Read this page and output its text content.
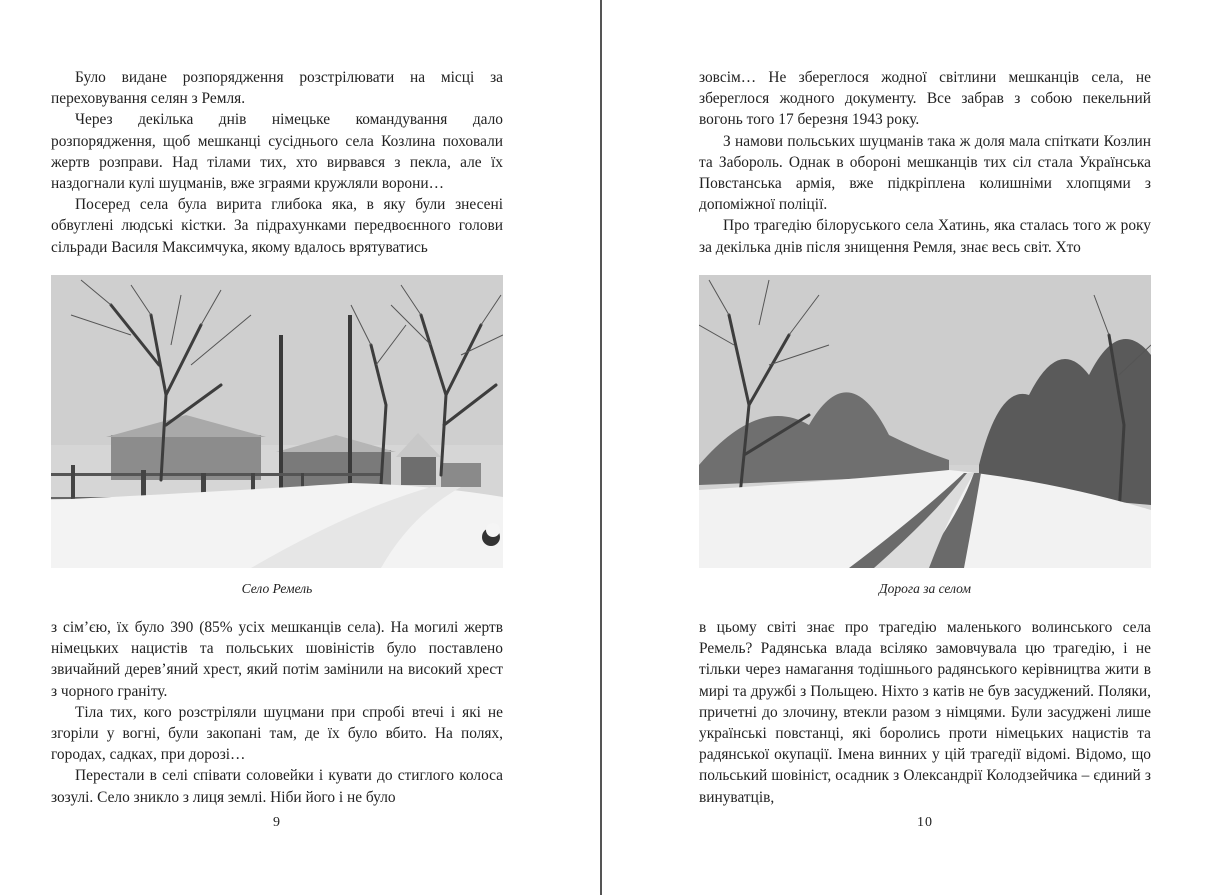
Було видане розпорядження розстрілювати на місці за переховування селян з Ремля.

Через декілька днів німецьке командування дало розпорядження, щоб мешканці сусіднього села Козлина поховали жертв розправи. Над тілами тих, хто вирвався з пекла, але їх наздогнали кулі шуцманів, вже зграями кружляли ворони…

Посеред села була вирита глибока яка, в яку були знесені обвуглені людські кістки. За підрахунками передвоєнного голови сільради Василя Максимчука, якому вдалось врятуватись

Село Ремель

з сім’єю, їх було 390 (85% усіх мешканців села). На могилі жертв німецьких нацистів та польських шовіністів було поставлено звичайний дерев’яний хрест, який потім замінили на високий хрест з чорного граніту.

Тіла тих, кого розстріляли шуцмани при спробі втечі і які не згоріли у вогні, були закопані там, де їх було вбито. На полях, городах, садках, при дорозі…

Перестали в селі співати соловейки і кувати до стиглого колоса зозулі. Село зникло з лиця землі. Ніби його і не було

9

зовсім… Не збереглося жодної світлини мешканців села, не збереглося жодного документу. Все забрав з собою пекельний вогонь того 17 березня 1943 року.

З намови польських шуцманів така ж доля мала спіткати Козлин та Забороль. Однак в обороні мешканців тих сіл стала Українська Повстанська армія, вже підкріплена колишніми хлопцями з допоміжної поліції.

Про трагедію білоруського села Хатинь, яка сталась того ж року за декілька днів після знищення Ремля, знає весь світ. Хто

Дорога за селом

в цьому світі знає про трагедію маленького волинського села Ремель? Радянська влада всіляко замовчувала цю трагедію, і не тільки через намагання тодішнього радянського керівництва жити в мирі та дружбі з Польщею. Ніхто з катів не був засуджений. Поляки, причетні до злочину, втекли разом з німцями. Були засуджені лише українські повстанці, які боролись проти німецьких нацистів та радянської окупації. Імена винних у цій трагедії відомі. Відомо, що польський шовініст, осадник з Олександрії Колодзейчика – єдиний з винуватців,

10
